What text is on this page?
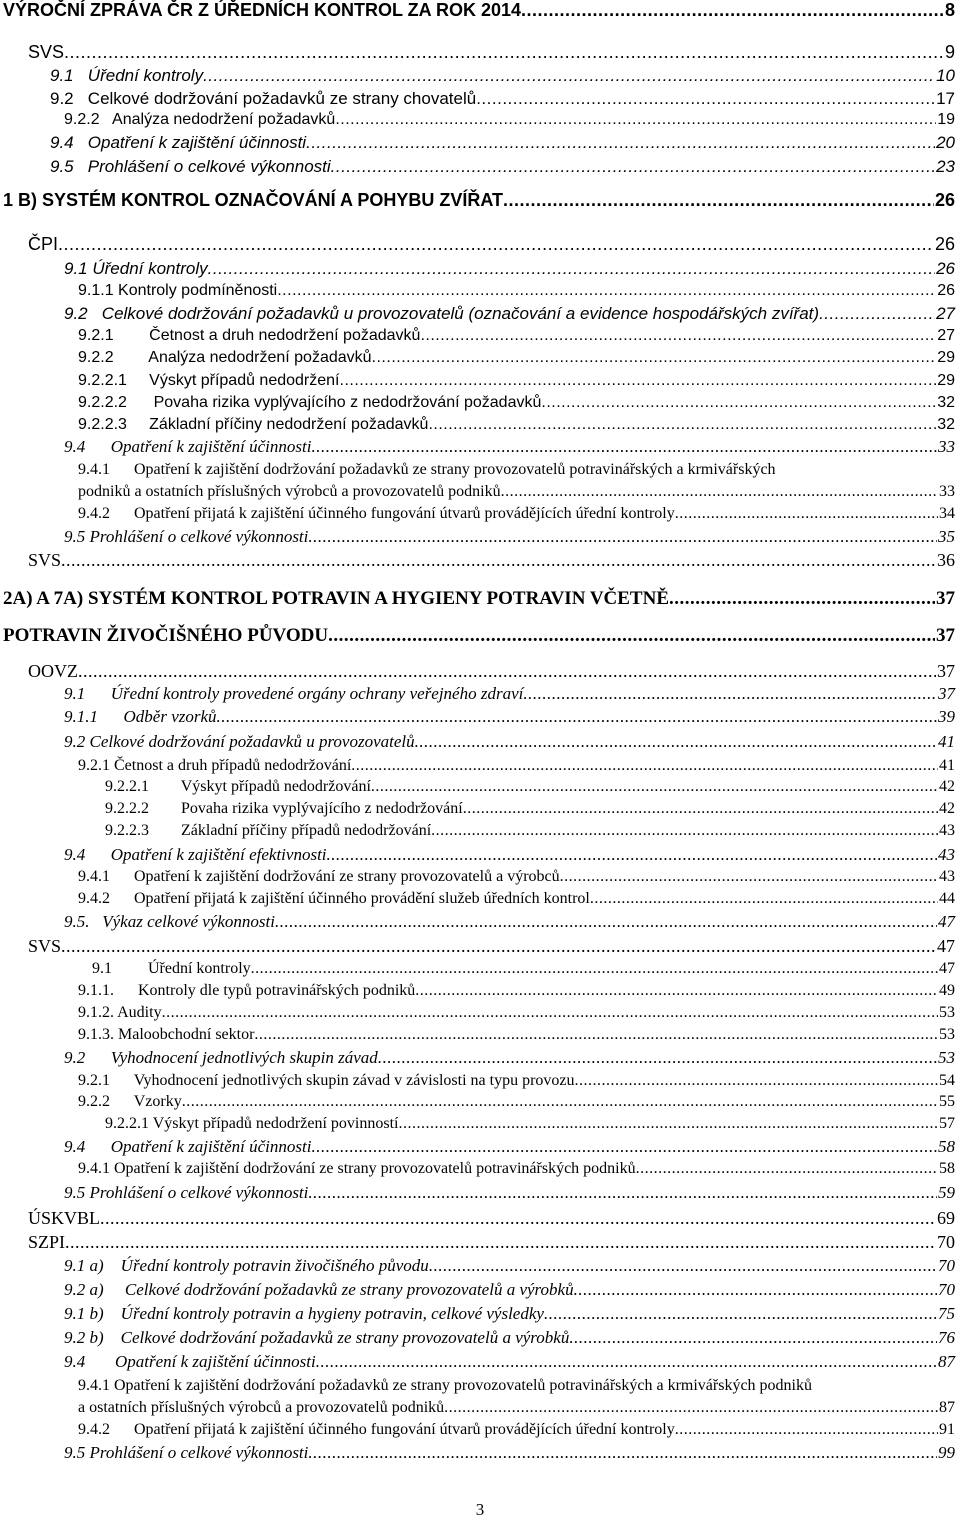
VÝROČNÍ ZPRÁVA ČR Z ÚŘEDNÍCH KONTROL ZA ROK 2014 .....	8
SVS .....	9
9.1   Úřední kontroly .....	10
9.2   Celkové dodržování požadavků ze strany chovatelů .....	17
9.2.2   Analýza nedodržení požadavků .....	19
9.4   Opatření k zajištění účinnosti .....	20
9.5   Prohlášení o celkové výkonnosti .....	23
1 B) SYSTÉM KONTROL OZNAČOVÁNÍ A POHYBU ZVÍŘAT .....	26
ČPI .....	26
9.1 Úřední kontroly .....	26
9.1.1 Kontroly podmíněnosti .....	26
9.2   Celkové dodržování požadavků u provozovatelů (označování a evidence hospodářských zvířat) .....	27
9.2.1        Četnost a druh nedodržení požadavků .....	27
9.2.2        Analýza nedodržení požadavků .....	29
9.2.2.1     Výskyt případů nedodržení .....	29
9.2.2.2      Povaha rizika vyplývajícího z nedodržování požadavků .....	32
9.2.2.3     Základní příčiny nedodržení požadavků .....	32
9.4      Opatření k zajištění účinnosti .....	33
9.4.1      Opatření k zajištění dodržování požadavků ze strany provozovatelů potravinářských a krmivářských
podniků a ostatních příslušných výrobců a provozovatelů podniků .....	33
9.4.2      Opatření přijatá k zajištění účinného fungování útvarů provádějících úřední kontroly .....	34
9.5 Prohlášení o celkové výkonnosti .....	35
SVS .....	36
2A) A 7A) SYSTÉM KONTROL POTRAVIN A HYGIENY POTRAVIN VČETNĚ .....	37
POTRAVIN ŽIVOČIŠNÉHO PŮVODU .....	37
OOVZ .....	37
9.1      Úřední kontroly provedené orgány ochrany veřejného zdraví .....	37
9.1.1      Odběr vzorků .....	39
9.2 Celkové dodržování požadavků u provozovatelů .....	41
9.2.1 Četnost a druh případů nedodržování .....	41
9.2.2.1        Výskyt případů nedodržování .....	42
9.2.2.2        Povaha rizika vyplývajícího z nedodržování .....	42
9.2.2.3        Základní příčiny případů nedodržování .....	43
9.4      Opatření k zajištění efektivnosti .....	43
9.4.1      Opatření k zajištění dodržování ze strany provozovatelů a výrobců .....	43
9.4.2      Opatření přijatá k zajištění účinného provádění služeb úředních kontrol .....	44
9.5.   Výkaz celkové výkonnosti .....	47
SVS .....	47
9.1         Úřední kontroly .....	47
9.1.1.      Kontroly dle typů potravinářských podniků .....	49
9.1.2. Audity .....	53
9.1.3. Maloobchodní sektor .....	53
9.2      Vyhodnocení jednotlivých skupin závad .....	53
9.2.1      Vyhodnocení jednotlivých skupin závad v závislosti na typu provozu .....	54
9.2.2      Vzorky .....	55
9.2.2.1 Výskyt případů nedodržení povinností .....	57
9.4      Opatření k zajištění účinnosti .....	58
9.4.1 Opatření k zajištění dodržování ze strany provozovatelů potravinářských podniků .....	58
9.5 Prohlášení o celkové výkonnosti .....	59
ÚSKVBL .....	69
SZPI .....	70
9.1 a)    Úřední kontroly potravin živočišného původu .....	70
9.2 a)     Celkové dodržování požadavků ze strany provozovatelů a výrobků .....	70
9.1 b)    Úřední kontroly potravin a hygieny potravin, celkové výsledky .....	75
9.2 b)    Celkové dodržování požadavků ze strany provozovatelů a výrobků .....	76
9.4       Opatření k zajištění účinnosti .....	87
9.4.1 Opatření k zajištění dodržování požadavků ze strany provozovatelů potravinářských a krmivářských podniků
a ostatních příslušných výrobců a provozovatelů podniků .....	87
9.4.2      Opatření přijatá k zajištění účinného fungování útvarů provádějících úřední kontroly .....	91
9.5 Prohlášení o celkové výkonnosti .....	99
3
